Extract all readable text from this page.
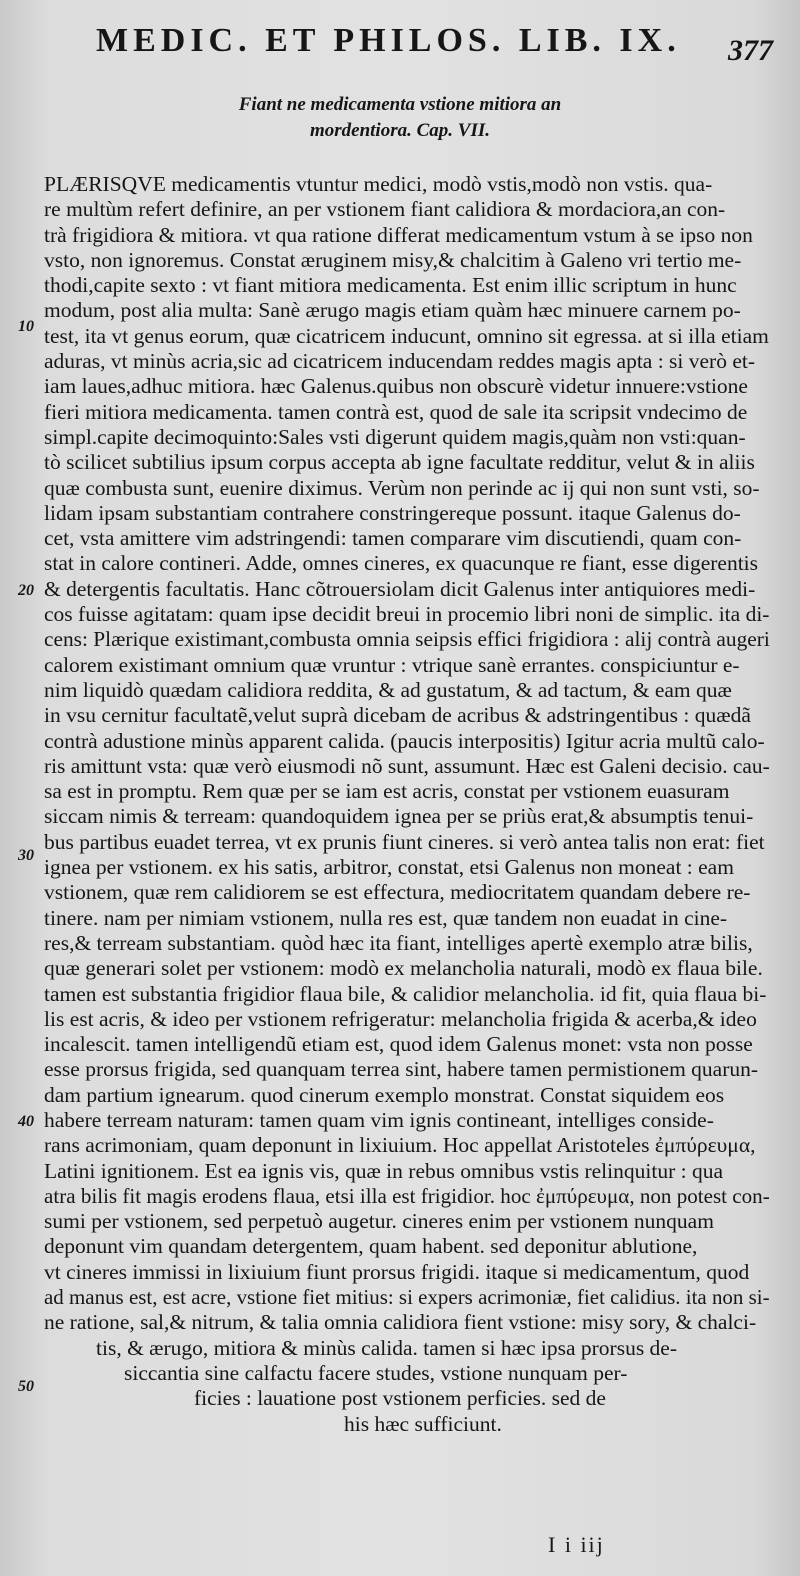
MEDIC. ET PHILOS. LIB. IX. 377
Fiant ne medicamenta vstione mitiora an
mordentiora. Cap. VII.
10
20
30
40
50
PLÆRISQVE medicamentis vtuntur medici, modò vstis,modò non vstis. qua-
re multùm refert definire, an per vstionem fiant calidiora & mordaciora,an con-
trà frigidiora & mitiora. vt qua ratione differat medicamentum vstum à se ipso non
vsto, non ignoremus. Constat æruginem misy,& chalcitim à Galeno vri tertio me-
thodi,capite sexto : vt fiant mitiora medicamenta. Est enim illic scriptum in hunc
modum, post alia multa: Sanè ærugo magis etiam quàm hæc minuere carnem po-
test, ita vt genus eorum, quæ cicatricem inducunt, omnino sit egressa. at si illa etiam
aduras, vt minùs acria,sic ad cicatricem inducendam reddes magis apta : si verò et-
iam laues,adhuc mitiora. hæc Galenus.quibus non obscurè videtur innuere:vstione
fieri mitiora medicamenta. tamen contrà est, quod de sale ita scripsit vndecimo de
simpl.capite decimoquinto:Sales vsti digerunt quidem magis,quàm non vsti:quan-
tò scilicet subtilius ipsum corpus accepta ab igne facultate redditur, velut & in aliis
quæ combusta sunt, euenire diximus. Verùm non perinde ac ij qui non sunt vsti, so-
lidam ipsam substantiam contrahere constringereque possunt. itaque Galenus do-
cet, vsta amittere vim adstringendi: tamen comparare vim discutiendi, quam con-
stat in calore contineri. Adde, omnes cineres, ex quacunque re fiant, esse digerentis
& detergentis facultatis. Hanc cõtrouersiolam dicit Galenus inter antiquiores medi-
cos fuisse agitatam: quam ipse decidit breui in procemio libri noni de simplic. ita di-
cens: Plærique existimant,combusta omnia seipsis effici frigidiora : alij contrà augeri
calorem existimant omnium quæ vruntur : vtrique sanè errantes. conspiciuntur e-
nim liquidò quædam calidiora reddita, & ad gustatum, & ad tactum, & eam quæ
in vsu cernitur facultatẽ,velut suprà dicebam de acribus & adstringentibus : quædã
contrà adustione minùs apparent calida. (paucis interpositis) Igitur acria multũ calo-
ris amittunt vsta: quæ verò eiusmodi nõ sunt, assumunt. Hæc est Galeni decisio. cau-
sa est in promptu. Rem quæ per se iam est acris, constat per vstionem euasuram
siccam nimis & terream: quandoquidem ignea per se priùs erat,& absumptis tenui-
bus partibus euadet terrea, vt ex prunis fiunt cineres. si verò antea talis non erat: fiet
ignea per vstionem. ex his satis, arbitror, constat, etsi Galenus non moneat : eam
vstionem, quæ rem calidiorem se est effectura, mediocritatem quandam debere re-
tinere. nam per nimiam vstionem, nulla res est, quæ tandem non euadat in cine-
res,& terream substantiam. quòd hæc ita fiant, intelliges apertè exemplo atræ bilis,
quæ generari solet per vstionem: modò ex melancholia naturali, modò ex flaua bile.
tamen est substantia frigidior flaua bile, & calidior melancholia. id fit, quia flaua bi-
lis est acris, & ideo per vstionem refrigeratur: melancholia frigida & acerba,& ideo
incalescit. tamen intelligendũ etiam est, quod idem Galenus monet: vsta non posse
esse prorsus frigida, sed quanquam terrea sint, habere tamen permistionem quarun-
dam partium ignearum. quod cinerum exemplo monstrat. Constat siquidem eos
habere terream naturam: tamen quam vim ignis contineant, intelliges conside-
rans acrimoniam, quam deponunt in lixiuium. Hoc appellat Aristoteles ἐμπύρευμα,
Latini ignitionem. Est ea ignis vis, quæ in rebus omnibus vstis relinquitur : qua
atra bilis fit magis erodens flaua, etsi illa est frigidior. hoc ἐμπύρευμα, non potest con-
sumi per vstionem, sed perpetuò augetur. cineres enim per vstionem nunquam
deponunt vim quandam detergentem, quam habent. sed deponitur ablutione,
vt cineres immissi in lixiuium fiunt prorsus frigidi. itaque si medicamentum, quod
ad manus est, est acre, vstione fiet mitius: si expers acrimoniæ, fiet calidius. ita non si-
ne ratione, sal,& nitrum, & talia omnia calidiora fient vstione: misy sory, & chalci-
tis, & ærugo, mitiora & minùs calida. tamen si hæc ipsa prorsus de-
siccantia sine calfactu facere studes, vstione nunquam per-
ficies : lauatione post vstionem perficies. sed de
his hæc sufficiunt.
I i iij
